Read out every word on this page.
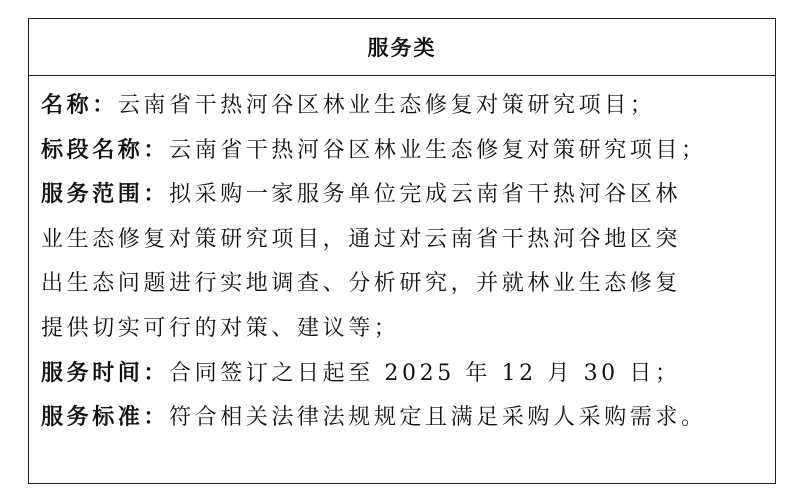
服务类
名称：云南省干热河谷区林业生态修复对策研究项目；
标段名称：云南省干热河谷区林业生态修复对策研究项目；
服务范围：拟采购一家服务单位完成云南省干热河谷区林
业生态修复对策研究项目，通过对云南省干热河谷地区突
出生态问题进行实地调查、分析研究，并就林业生态修复
提供切实可行的对策、建议等；
服务时间：合同签订之日起至 2025 年 12 月 30 日；
服务标准：符合相关法律法规规定且满足采购人采购需求。
